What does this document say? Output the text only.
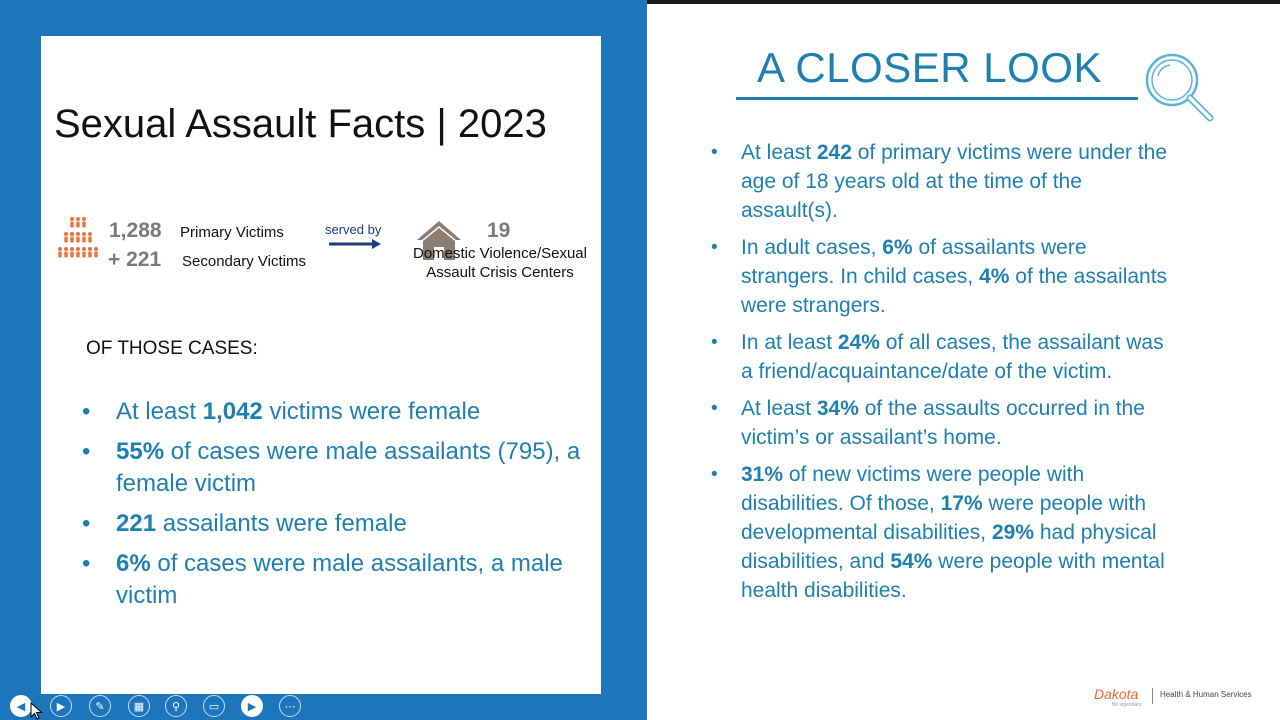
Sexual Assault Facts | 2023
1,288 Primary Victims
+ 221 Secondary Victims
served by	19
Domestic Violence/Sexual Assault Crisis Centers
OF THOSE CASES:
• At least 1,042 victims were female
• 55% of cases were male assailants (795), a female victim
• 221 assailants were female
• 6% of cases were male assailants, a male victim
A CLOSER LOOK
• At least 242 of primary victims were under the age of 18 years old at the time of the assault(s).
• In adult cases, 6% of assailants were strangers. In child cases, 4% of the assailants were strangers.
• In at least 24% of all cases, the assailant was a friend/acquaintance/date of the victim.
• At least 34% of the assaults occurred in the victim’s or assailant’s home.
• 31% of new victims were people with disabilities. Of those, 17% were people with developmental disabilities, 29% had physical disabilities, and 54% were people with mental health disabilities.
◀	▶	✎	▦	⚲	▭	▶	⋯
Dakota
Be legendary.
Health & Human Services
